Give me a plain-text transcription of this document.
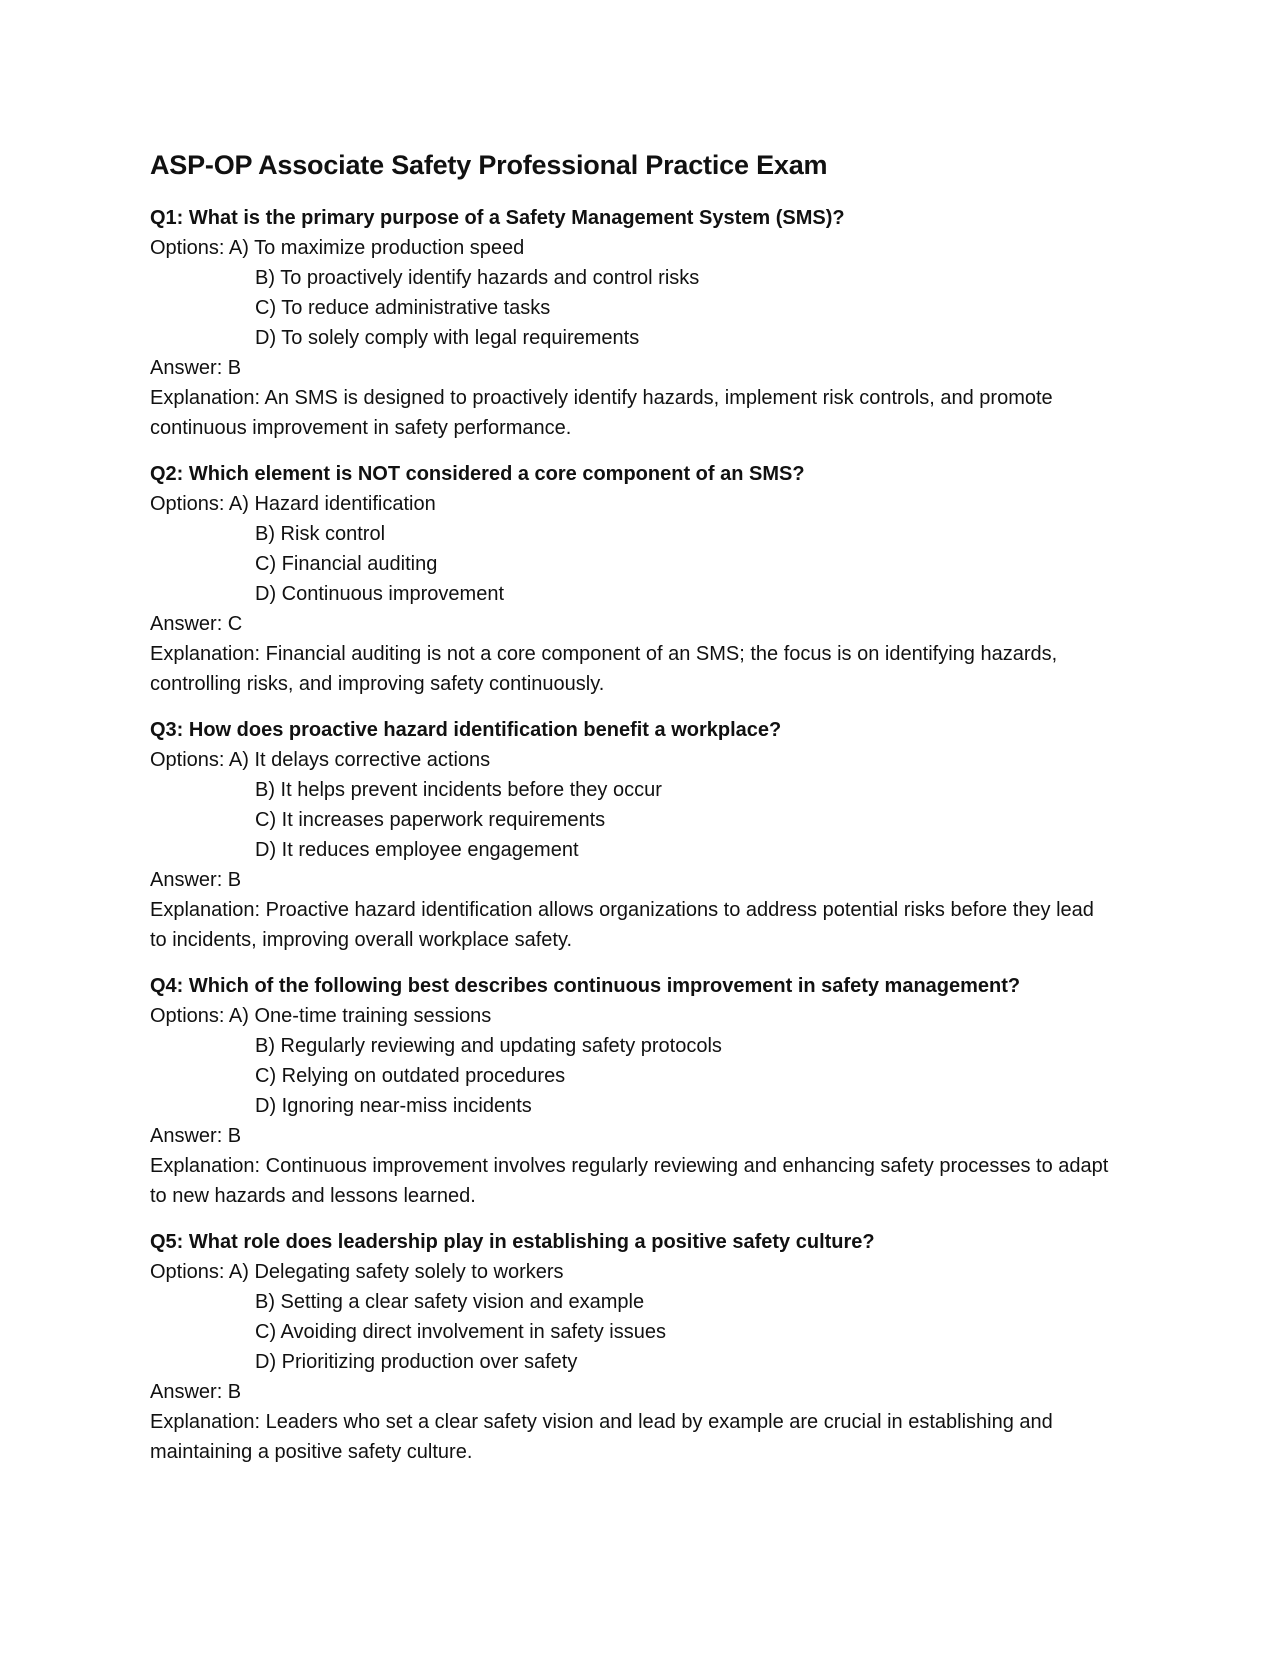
ASP-OP Associate Safety Professional Practice Exam
Q1: What is the primary purpose of a Safety Management System (SMS)?
Options: A) To maximize production speed
B) To proactively identify hazards and control risks
C) To reduce administrative tasks
D) To solely comply with legal requirements
Answer: B
Explanation: An SMS is designed to proactively identify hazards, implement risk controls, and promote continuous improvement in safety performance.
Q2: Which element is NOT considered a core component of an SMS?
Options: A) Hazard identification
B) Risk control
C) Financial auditing
D) Continuous improvement
Answer: C
Explanation: Financial auditing is not a core component of an SMS; the focus is on identifying hazards, controlling risks, and improving safety continuously.
Q3: How does proactive hazard identification benefit a workplace?
Options: A) It delays corrective actions
B) It helps prevent incidents before they occur
C) It increases paperwork requirements
D) It reduces employee engagement
Answer: B
Explanation: Proactive hazard identification allows organizations to address potential risks before they lead to incidents, improving overall workplace safety.
Q4: Which of the following best describes continuous improvement in safety management?
Options: A) One-time training sessions
B) Regularly reviewing and updating safety protocols
C) Relying on outdated procedures
D) Ignoring near-miss incidents
Answer: B
Explanation: Continuous improvement involves regularly reviewing and enhancing safety processes to adapt to new hazards and lessons learned.
Q5: What role does leadership play in establishing a positive safety culture?
Options: A) Delegating safety solely to workers
B) Setting a clear safety vision and example
C) Avoiding direct involvement in safety issues
D) Prioritizing production over safety
Answer: B
Explanation: Leaders who set a clear safety vision and lead by example are crucial in establishing and maintaining a positive safety culture.
